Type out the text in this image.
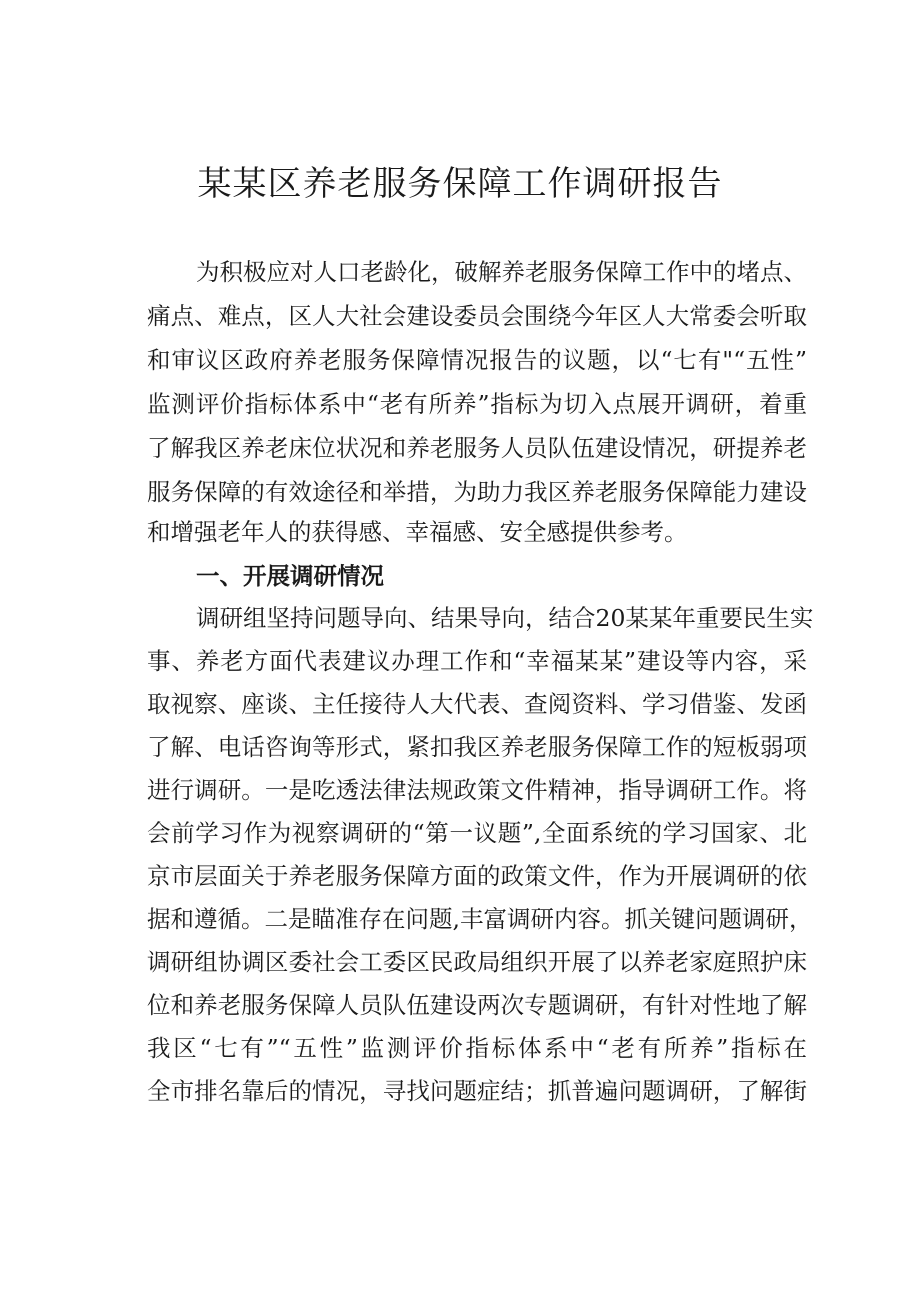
某某区养老服务保障工作调研报告
为积极应对人口老龄化，破解养老服务保障工作中的堵点、
痛点、难点，区人大社会建设委员会围绕今年区人大常委会听取
和审议区政府养老服务保障情况报告的议题，以“七有"“五性”
监测评价指标体系中“老有所养”指标为切入点展开调研，着重
了解我区养老床位状况和养老服务人员队伍建设情况，研提养老
服务保障的有效途径和举措，为助力我区养老服务保障能力建设
和增强老年人的获得感、幸福感、安全感提供参考。
一、开展调研情况
调研组坚持问题导向、结果导向，结合20某某年重要民生实
事、养老方面代表建议办理工作和“幸福某某”建设等内容，采
取视察、座谈、主任接待人大代表、查阅资料、学习借鉴、发函
了解、电话咨询等形式，紧扣我区养老服务保障工作的短板弱项
进行调研。一是吃透法律法规政策文件精神，指导调研工作。将
会前学习作为视察调研的“第一议题”,全面系统的学习国家、北
京市层面关于养老服务保障方面的政策文件，作为开展调研的依
据和遵循。二是瞄准存在问题,丰富调研内容。抓关键问题调研，
调研组协调区委社会工委区民政局组织开展了以养老家庭照护床
位和养老服务保障人员队伍建设两次专题调研，有针对性地了解
我区“七有”“五性”监测评价指标体系中“老有所养”指标在
全市排名靠后的情况，寻找问题症结；抓普遍问题调研，了解街
